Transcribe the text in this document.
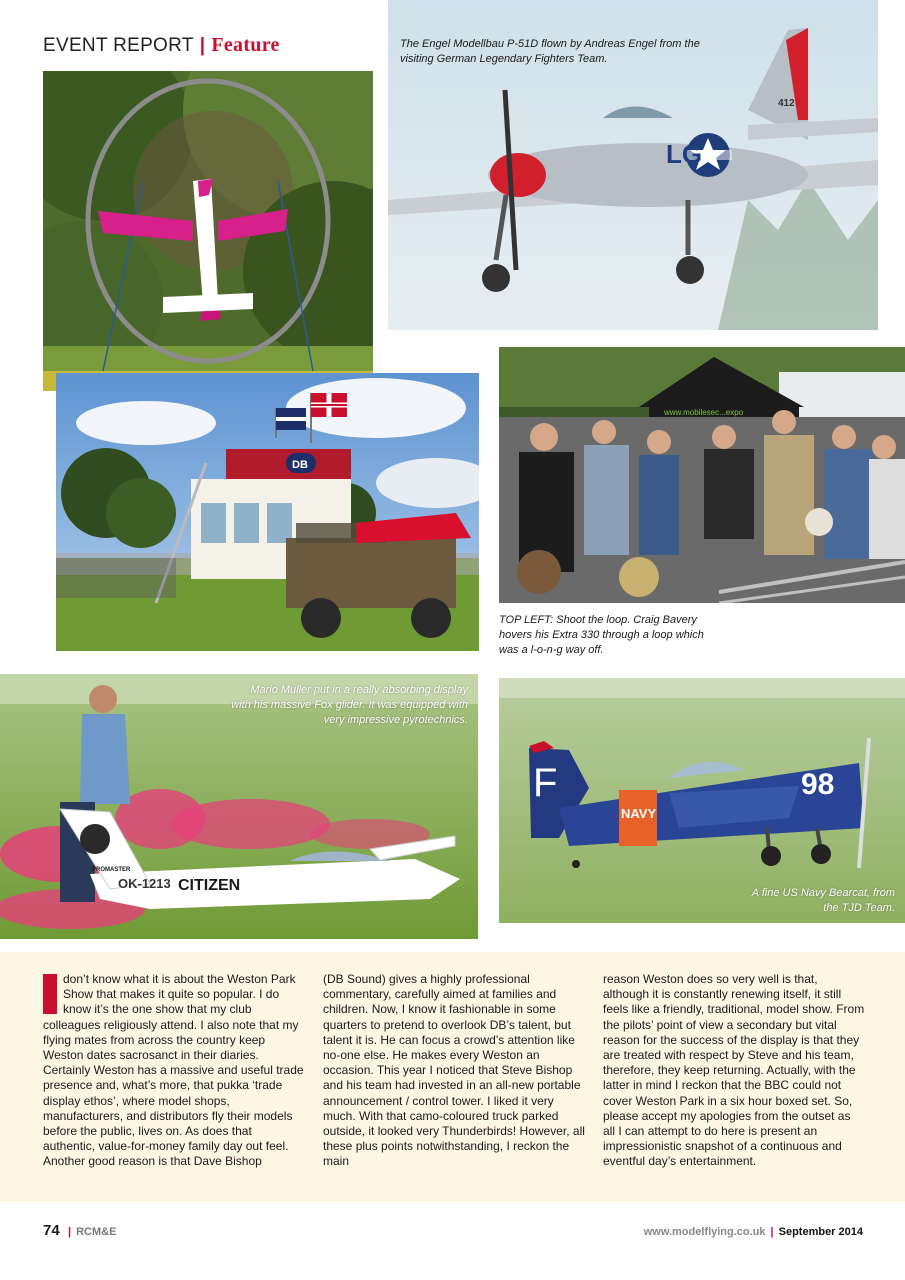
EVENT REPORT | Feature
LG
412
The Engel Modellbau P-51D flown by Andreas Engel from the visiting German Legendary Fighters Team.
DB
www.mobilesec...expo
TOP LEFT: Shoot the loop. Craig Bavery hovers his Extra 330 through a loop which was a l-o-n-g way off.
OK-1213 CITIZEN
PROMASTER
Mario Muller put in a really absorbing display with his massive Fox glider. It was equipped with very impressive pyrotechnics.
F
NAVY
98
A fine US Navy Bearcat, from the TJD Team.
I	don’t know what it is about the Weston Park Show that makes it quite so popular. I do know it’s the one show that my club colleagues religiously attend. I also note that my flying mates from across the country keep Weston dates sacrosanct in their diaries. Certainly Weston has a massive and useful trade presence and, what’s more, that pukka ‘trade display ethos’, where model shops, manufacturers, and distributors fly their models before the public, lives on. As does that authentic, value-for-money family day out feel. Another good reason is that Dave Bishop

(DB Sound) gives a highly professional commentary, carefully aimed at families and children. Now, I know it fashionable in some quarters to pretend to overlook DB’s talent, but talent it is. He can focus a crowd’s attention like no-one else. He makes every Weston an occasion. This year I noticed that Steve Bishop and his team had invested in an all-new portable announcement / control tower. I liked it very much. With that camo-coloured truck parked outside, it looked very Thunderbirds! However, all these plus points notwithstanding, I reckon the main

reason Weston does so very well is that, although it is constantly renewing itself, it still feels like a friendly, traditional, model show. From the pilots’ point of view a secondary but vital reason for the success of the display is that they are treated with respect by Steve and his team, therefore, they keep returning. Actually, with the latter in mind I reckon that the BBC could not cover Weston Park in a six hour boxed set. So, please accept my apologies from the outset as all I can attempt to do here is present an impressionistic snapshot of a continuous and eventful day’s entertainment.

74 | RCM&E	www.modelflying.co.uk | September 2014
